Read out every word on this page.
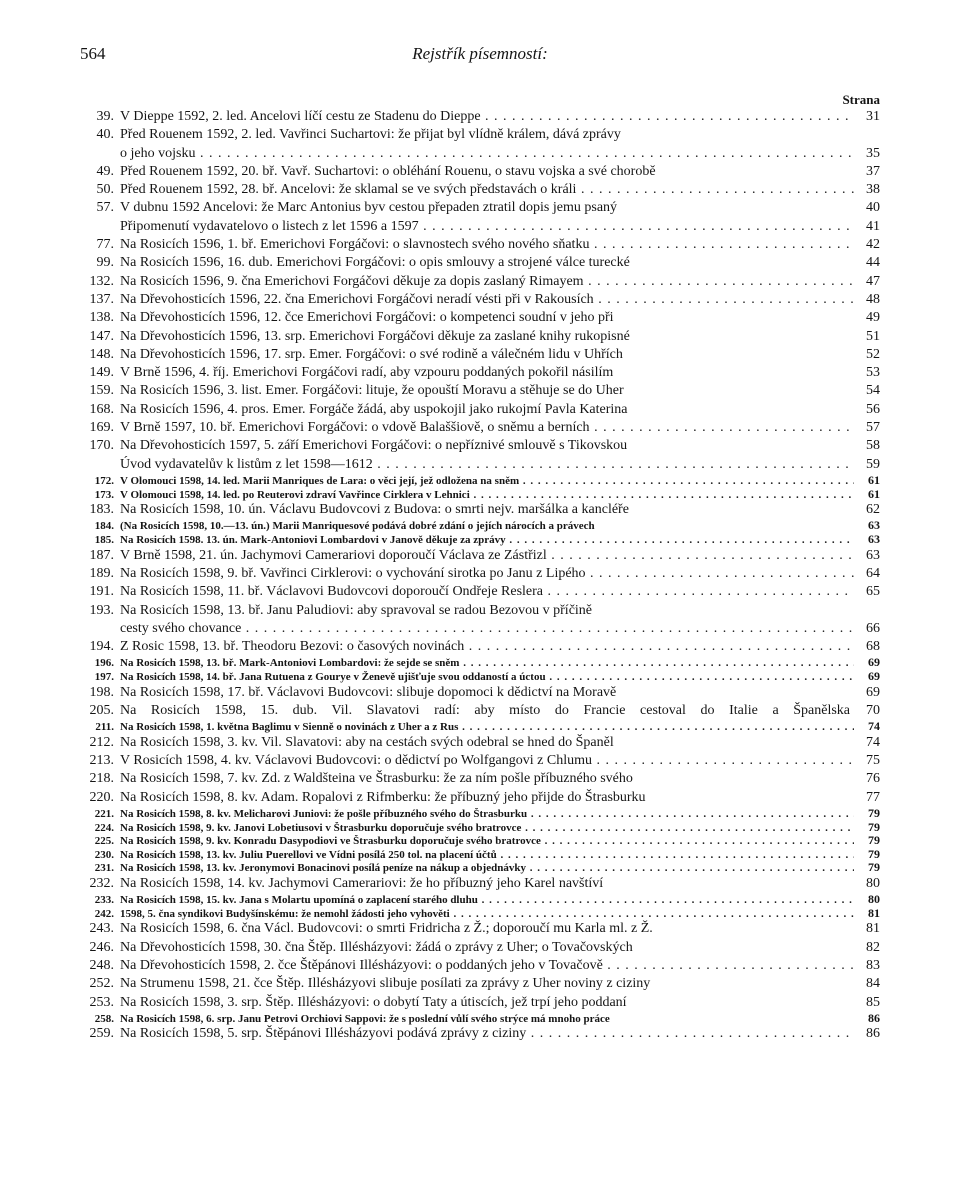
564	Rejstřík písemností:
Strana
39. V Dieppe 1592, 2. led. Ancelovi líčí cestu ze Stadenu do Dieppe . . .	31
40. Před Rouenem 1592, 2. led. Vavřinci Suchartovi: že přijat byl vlídně králem, dává zprávy
o jeho vojsku . . .	35
49. Před Rouenem 1592, 20. bř. Vavř. Suchartovi: o obléhání Rouenu, o stavu vojska a své chorobě	37
50. Před Rouenem 1592, 28. bř. Ancelovi: že sklamal se ve svých představách o králi . . .	38
57. V dubnu 1592 Ancelovi: že Marc Antonius byv cestou přepaden ztratil dopis jemu psaný	40
Připomenutí vydavatelovo o listech z let 1596 a 1597 . . .	41
77. Na Rosicích 1596, 1. bř. Emerichovi Forgáčovi: o slavnostech svého nového sňatku . . .	42
99. Na Rosicích 1596, 16. dub. Emerichovi Forgáčovi: o opis smlouvy a strojené válce turecké	44
132. Na Rosicích 1596, 9. čna Emerichovi Forgáčovi děkuje za dopis zaslaný Rimayem . . .	47
137. Na Dřevohosticích 1596, 22. čna Emerichovi Forgáčovi neradí vésti při v Rakousích . . .	48
138. Na Dřevohosticích 1596, 12. čce Emerichovi Forgáčovi: o kompetenci soudní v jeho při	49
147. Na Dřevohosticích 1596, 13. srp. Emerichovi Forgáčovi děkuje za zaslané knihy rukopisné	51
148. Na Dřevohosticích 1596, 17. srp. Emer. Forgáčovi: o své rodině a válečném lidu v Uhřích	52
149. V Brně 1596, 4. říj. Emerichovi Forgáčovi radí, aby vzpouru poddaných pokořil násilím	53
159. Na Rosicích 1596, 3. list. Emer. Forgáčovi: lituje, že opouští Moravu a stěhuje se do Uher	54
168. Na Rosicích 1596, 4. pros. Emer. Forgáče žádá, aby uspokojil jako rukojmí Pavla Katerina	56
169. V Brně 1597, 10. bř. Emerichovi Forgáčovi: o vdově Balaššiově, o sněmu a berních . . .	57
170. Na Dřevohosticích 1597, 5. září Emerichovi Forgáčovi: o nepříznivé smlouvě s Tikovskou	58
Úvod vydavatelův k listům z let 1598—1612 . . .	59
172. V Olomouci 1598, 14. led. Marii Manriques de Lara: o věci její, jež odložena na sněm . . .	61
173. V Olomouci 1598, 14. led. po Reuterovi zdraví Vavřince Cirklera v Lehnici . . .	61
183. Na Rosicích 1598, 10. ún. Václavu Budovcovi z Budova: o smrti nejv. maršálka a kancléře	62
184. (Na Rosicích 1598, 10.—13. ún.) Marii Manriquesové podává dobré zdání o jejích nárocích a právech	63
185. Na Rosicích 1598. 13. ún. Mark-Antoniovi Lombardovi v Janově děkuje za zprávy . . .	63
187. V Brně 1598, 21. ún. Jachymovi Camerariovi doporoučí Václava ze Zástřizl . . .	63
189. Na Rosicích 1598, 9. bř. Vavřinci Cirklerovi: o vychování sirotka po Janu z Lipého . . .	64
191. Na Rosicích 1598, 11. bř. Václavovi Budovcovi doporoučí Ondřeje Reslera . . .	65
193. Na Rosicích 1598, 13. bř. Janu Paludiovi: aby spravoval se radou Bezovou v příčině
cesty svého chovance . . .	66
194. Z Rosic 1598, 13. bř. Theodoru Bezovi: o časových novinách . . .	68
196. Na Rosicích 1598, 13. bř. Mark-Antoniovi Lombardovi: že sejde se sněm . . .	69
197. Na Rosicích 1598, 14. bř. Jana Rutuena z Gourye v Ženevě ujišťuje svou oddaností a úctou . . .	69
198. Na Rosicích 1598, 17. bř. Václavovi Budovcovi: slibuje dopomoci k dědictví na Moravě	69
205. Na Rosicích 1598, 15. dub. Vil. Slavatovi radí: aby místo do Francie cestoval do Italie a Španělska	70
211. Na Rosicích 1598, 1. května Baglimu v Sienně o novinách z Uher a z Rus . . .	74
212. Na Rosicích 1598, 3. kv. Vil. Slavatovi: aby na cestách svých odebral se hned do Španěl	74
213. V Rosicích 1598, 4. kv. Václavovi Budovcovi: o dědictví po Wolfgangovi z Chlumu . . .	75
218. Na Rosicích 1598, 7. kv. Zd. z Waldšteina ve Štrasburku: že za ním pošle příbuzného svého	76
220. Na Rosicích 1598, 8. kv. Adam. Ropalovi z Rifmberku: že příbuzný jeho přijde do Štrasburku	77
221. Na Rosicích 1598, 8. kv. Melicharovi Juniovi: že pošle příbuzného svého do Štrasburku . . .	79
224. Na Rosicích 1598, 9. kv. Janovi Lobetiusovi v Štrasburku doporučuje svého bratrovce . . .	79
225. Na Rosicích 1598, 9. kv. Konradu Dasypodiovi ve Štrasburku doporučuje svého bratrovce . . .	79
230. Na Rosicích 1598, 13. kv. Juliu Puerellovi ve Vídni posílá 250 tol. na placení účtů . . .	79
231. Na Rosicích 1598, 13. kv. Jeronymovi Bonacinovi posílá peníze na nákup a objednávky . . .	79
232. Na Rosicích 1598, 14. kv. Jachymovi Camerariovi: že ho příbuzný jeho Karel navštíví	80
233. Na Rosicích 1598, 15. kv. Jana s Molartu upomíná o zaplacení starého dluhu . . .	80
242. 1598, 5. čna syndikovi Budyšínskému: že nemohl žádosti jeho vyhověti . . .	81
243. Na Rosicích 1598, 6. čna Václ. Budovcovi: o smrti Fridricha z Ž.; doporoučí mu Karla ml. z Ž.	81
246. Na Dřevohosticích 1598, 30. čna Štěp. Illésházyovi: žádá o zprávy z Uher; o Tovačovských	82
248. Na Dřevohosticích 1598, 2. čce Štěpánovi Illésházyovi: o poddaných jeho v Tovačově . . .	83
252. Na Strumenu 1598, 21. čce Štěp. Illésházyovi slibuje posílati za zprávy z Uher noviny z ciziny	84
253. Na Rosicích 1598, 3. srp. Štěp. Illésházyovi: o dobytí Taty a útiscích, jež trpí jeho poddaní	85
258. Na Rosicích 1598, 6. srp. Janu Petrovi Orchiovi Sappovi: že s poslední vůlí svého strýce má mnoho práce	86
259. Na Rosicích 1598, 5. srp. Štěpánovi Illésházyovi podává zprávy z ciziny . . .	86
